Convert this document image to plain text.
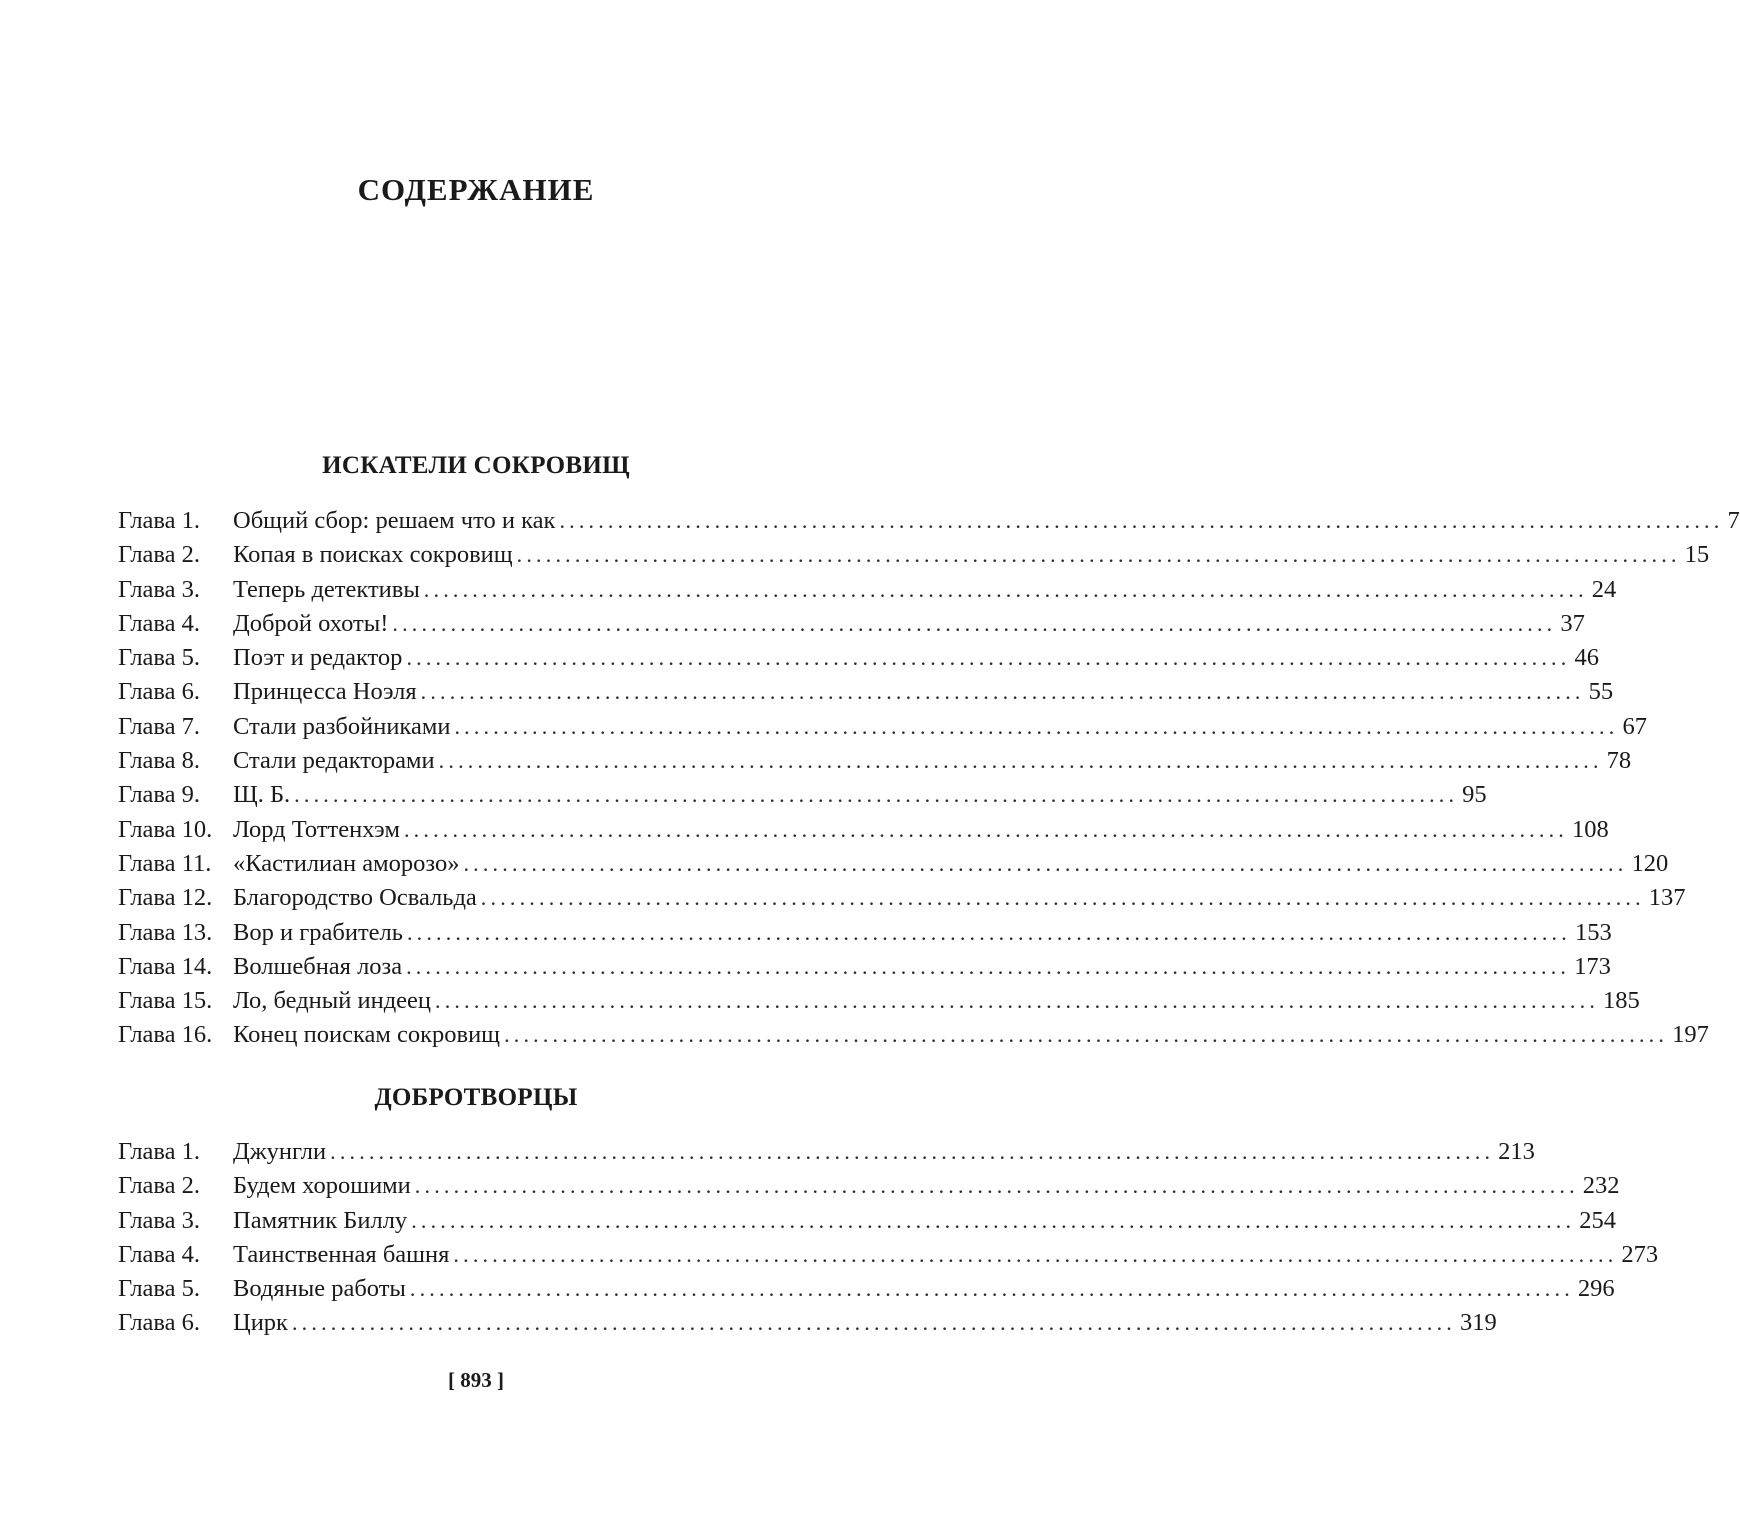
СОДЕРЖАНИЕ
ИСКАТЕЛИ СОКРОВИЩ
Глава 1.	Общий сбор: решаем что и как ........................................................................................................................ 7
Глава 2.	Копая в поисках сокровищ ........................................................................................................................ 15
Глава 3.	Теперь детективы ........................................................................................................................ 24
Глава 4.	Доброй охоты! ........................................................................................................................ 37
Глава 5.	Поэт и редактор ........................................................................................................................ 46
Глава 6.	Принцесса Ноэля ........................................................................................................................ 55
Глава 7.	Стали разбойниками ........................................................................................................................ 67
Глава 8.	Стали редакторами ........................................................................................................................ 78
Глава 9.	Щ. Б. ........................................................................................................................ 95
Глава 10. Лорд Тоттенхэм ........................................................................................................................ 108
Глава 11. «Кастилиан аморозо» ........................................................................................................................ 120
Глава 12. Благородство Освальда ........................................................................................................................ 137
Глава 13. Вор и грабитель ........................................................................................................................ 153
Глава 14. Волшебная лоза ........................................................................................................................ 173
Глава 15. Ло, бедный индеец ........................................................................................................................ 185
Глава 16. Конец поискам сокровищ ........................................................................................................................ 197
ДОБРОТВОРЦЫ
Глава 1.	Джунгли ........................................................................................................................ 213
Глава 2.	Будем хорошими ........................................................................................................................ 232
Глава 3.	Памятник Биллу ........................................................................................................................ 254
Глава 4.	Таинственная башня ........................................................................................................................ 273
Глава 5.	Водяные работы ........................................................................................................................ 296
Глава 6.	Цирк ........................................................................................................................ 319
[ 893 ]
